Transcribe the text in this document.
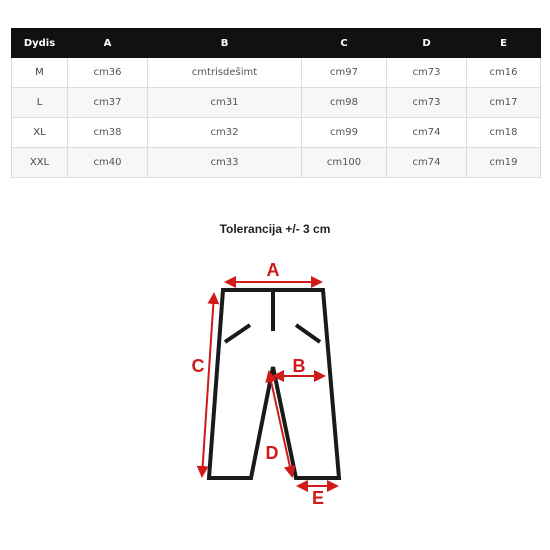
Dydis	A	B	C	D	E
M	cm36	cmtrisdešimt	cm97	cm73	cm16
L	cm37	cm31	cm98	cm73	cm17
XL	cm38	cm32	cm99	cm74	cm18
XXL	cm40	cm33	cm100	cm74	cm19
Tolerancija +/- 3 cm
A
B
C
D
E
